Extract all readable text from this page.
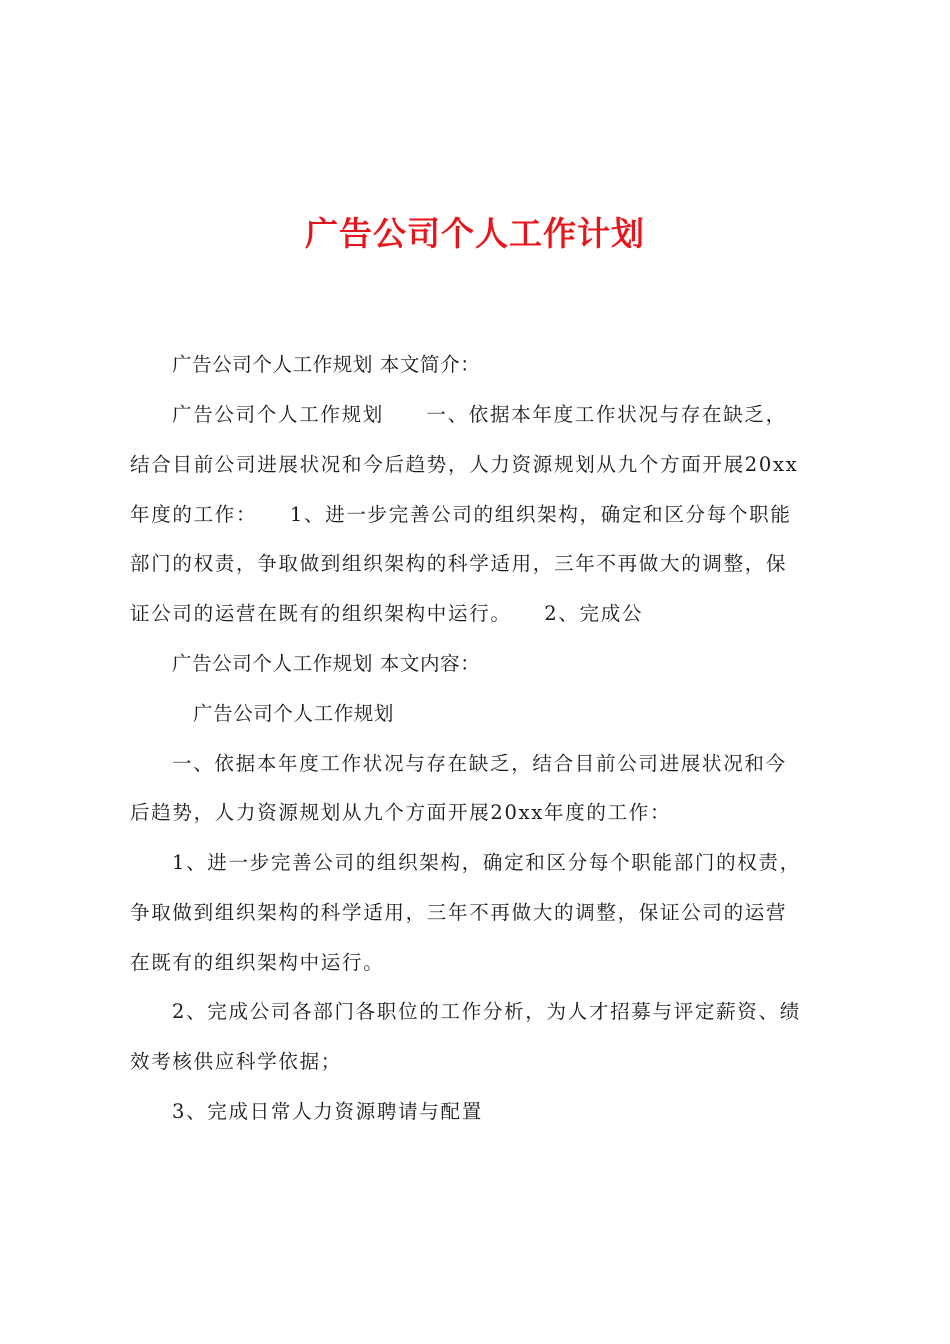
广告公司个人工作计划
广告公司个人工作规划 本文简介：
广告公司个人工作规划　　一、依据本年度工作状况与存在缺乏，
结合目前公司进展状况和今后趋势，人力资源规划从九个方面开展20xx
年度的工作：　　1、进一步完善公司的组织架构，确定和区分每个职能
部门的权责，争取做到组织架构的科学适用，三年不再做大的调整，保
证公司的运营在既有的组织架构中运行。　　2、完成公
广告公司个人工作规划 本文内容：
广告公司个人工作规划
一、依据本年度工作状况与存在缺乏，结合目前公司进展状况和今
后趋势，人力资源规划从九个方面开展20xx年度的工作：
1、进一步完善公司的组织架构，确定和区分每个职能部门的权责，
争取做到组织架构的科学适用，三年不再做大的调整，保证公司的运营
在既有的组织架构中运行。
2、完成公司各部门各职位的工作分析，为人才招募与评定薪资、绩
效考核供应科学依据；
3、完成日常人力资源聘请与配置
